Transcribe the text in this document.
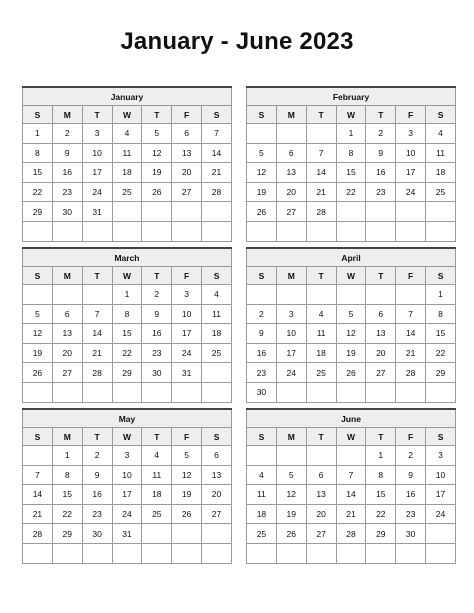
January - June 2023
January						
S	M	T	W	T	F	S
1	2	3	4	5	6	7
8	9	10	11	12	13	14
15	16	17	18	19	20	21
22	23	24	25	26	27	28
29	30	31				

February						
S	M	T	W	T	F	S
			1	2	3	4
5	6	7	8	9	10	11
12	13	14	15	16	17	18
19	20	21	22	23	24	25
26	27	28				

March						
S	M	T	W	T	F	S
			1	2	3	4
5	6	7	8	9	10	11
12	13	14	15	16	17	18
19	20	21	22	23	24	25
26	27	28	29	30	31	

April						
S	M	T	W	T	F	S
						1
2	3	4	5	6	7	8
9	10	11	12	13	14	15
16	17	18	19	20	21	22
23	24	25	26	27	28	29
30						
May						
S	M	T	W	T	F	S
	1	2	3	4	5	6
7	8	9	10	11	12	13
14	15	16	17	18	19	20
21	22	23	24	25	26	27
28	29	30	31			

June						
S	M	T	W	T	F	S
				1	2	3
4	5	6	7	8	9	10
11	12	13	14	15	16	17
18	19	20	21	22	23	24
25	26	27	28	29	30	
